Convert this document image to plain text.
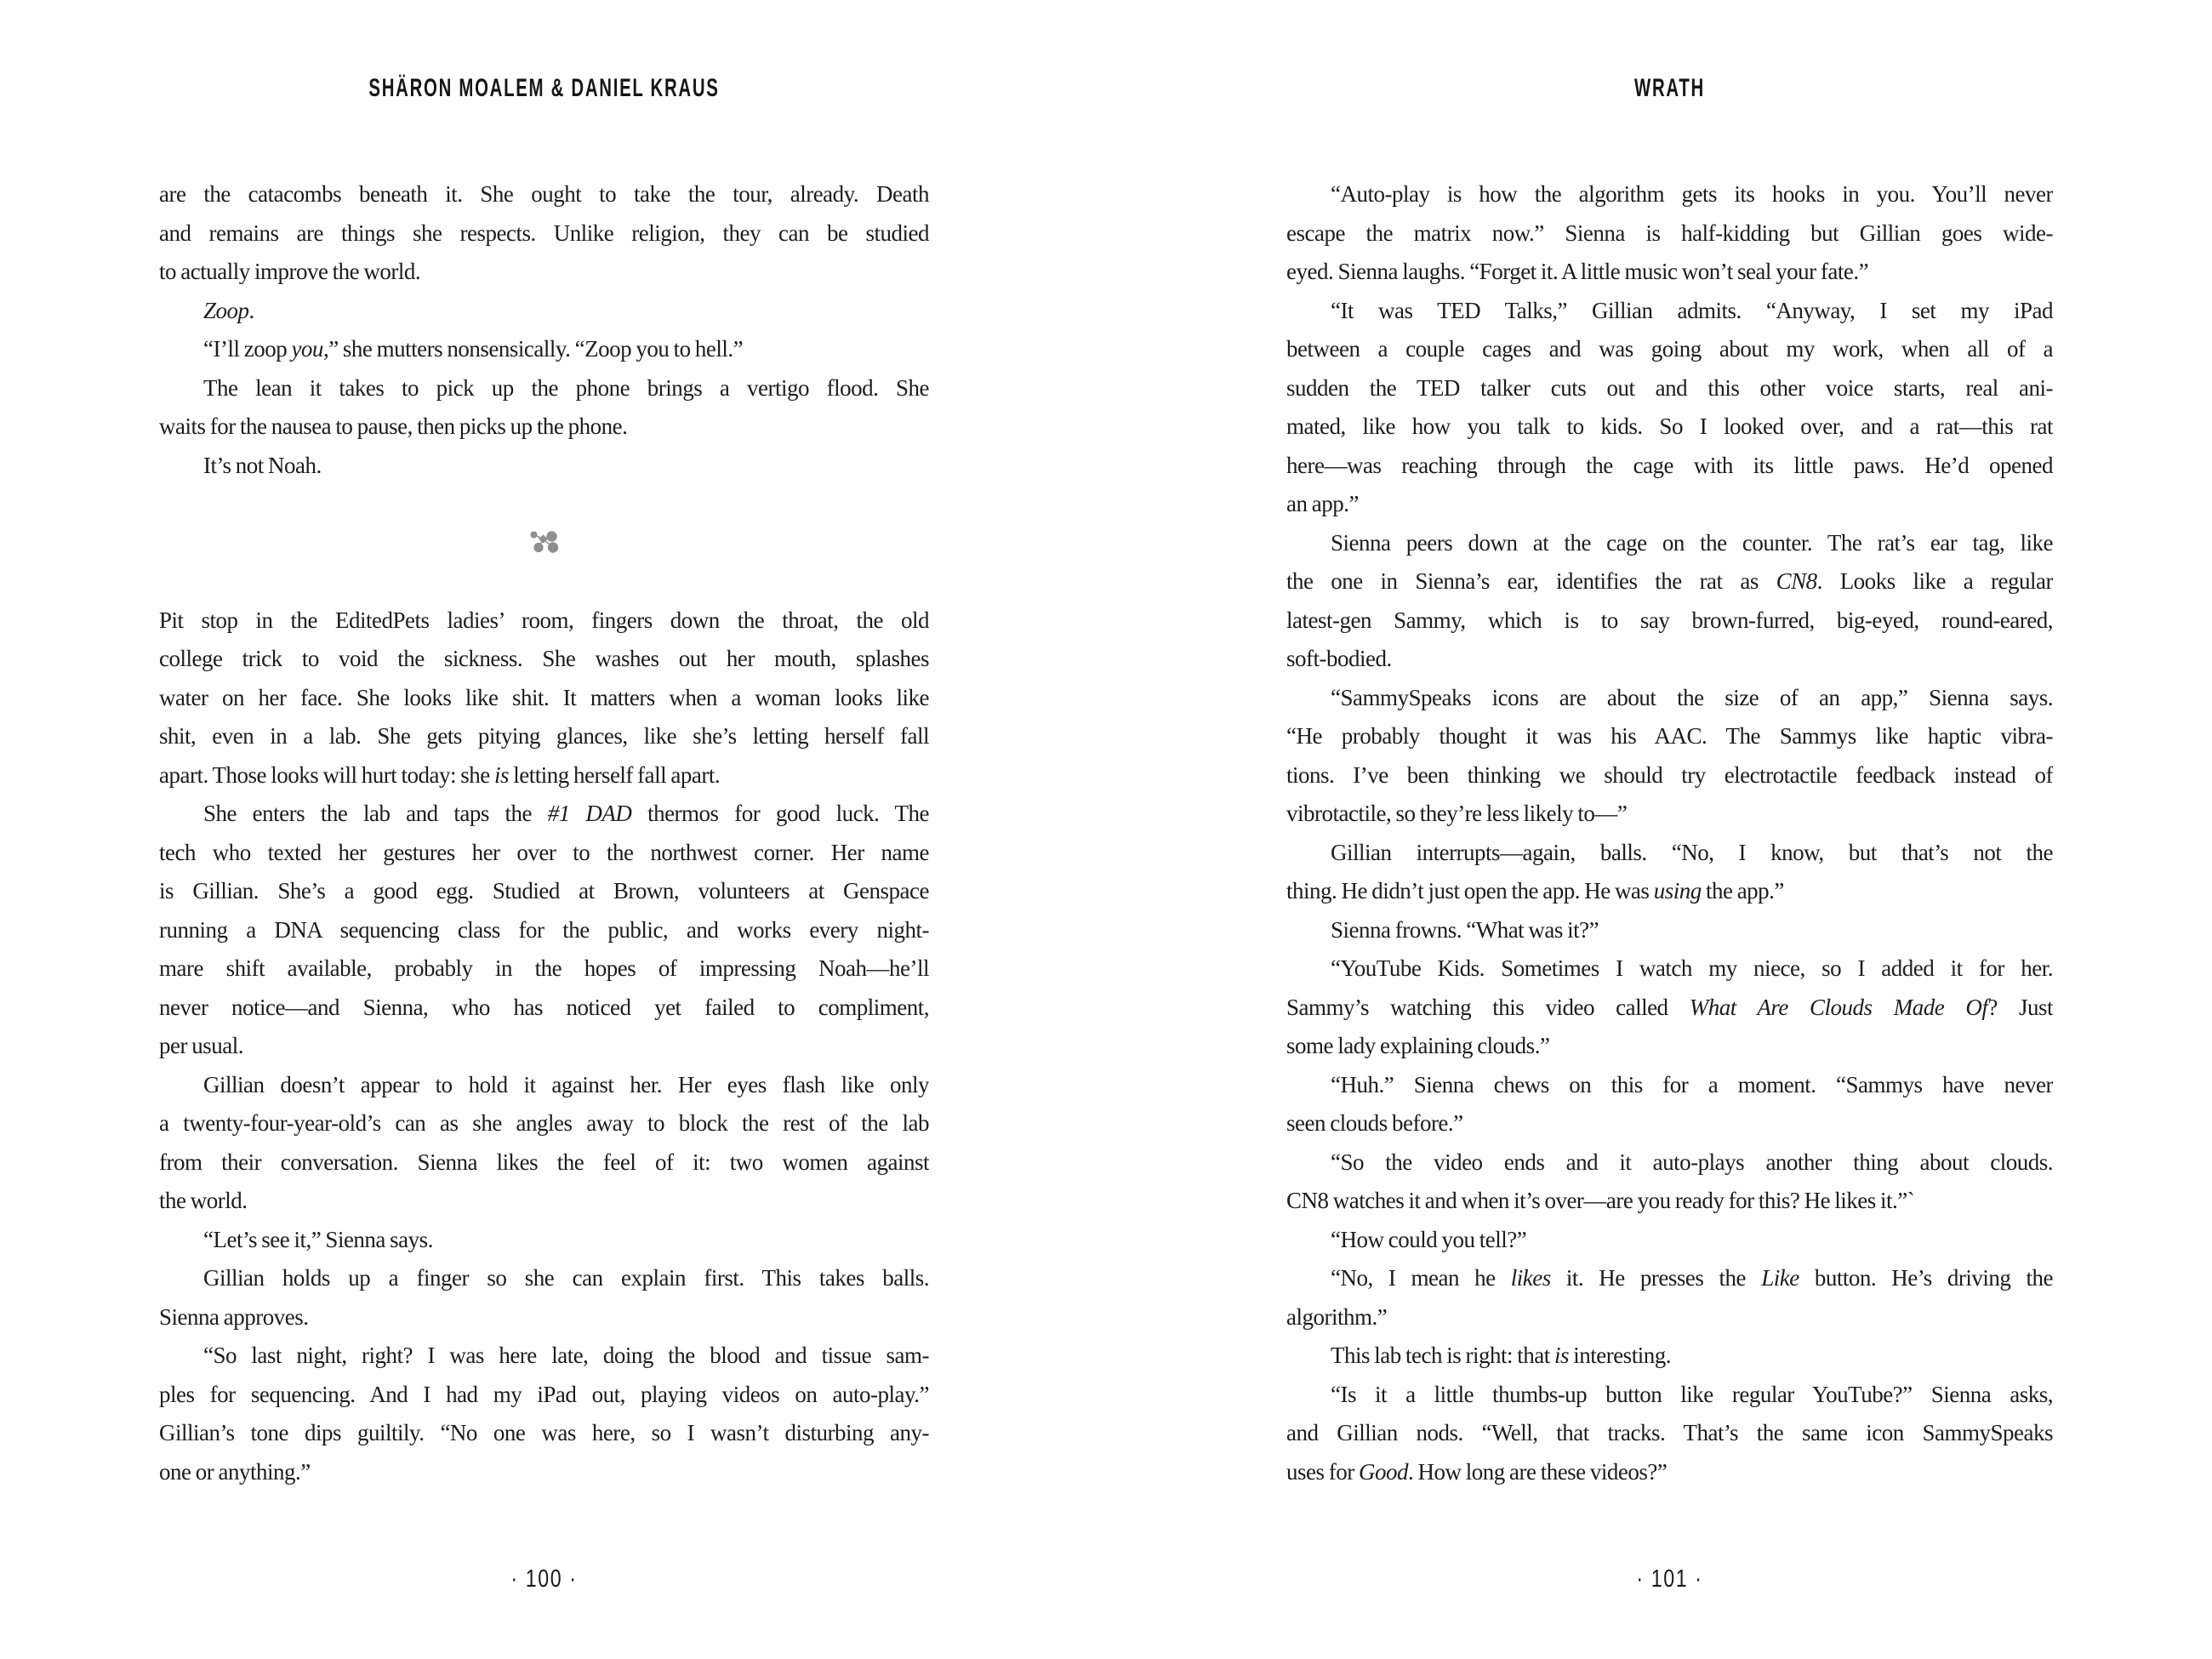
SHÄRON MOALEM & DANIEL KRAUS
are the catacombs beneath it. She ought to take the tour, already. Death
and remains are things she respects. Unlike religion, they can be studied
to actually improve the world.
Zoop.
“I’ll zoop you,” she mutters nonsensically. “Zoop you to hell.”
The lean it takes to pick up the phone brings a vertigo flood. She
waits for the nausea to pause, then picks up the phone.
It’s not Noah.
Pit stop in the EditedPets ladies’ room, fingers down the throat, the old
college trick to void the sickness. She washes out her mouth, splashes
water on her face. She looks like shit. It matters when a woman looks like
shit, even in a lab. She gets pitying glances, like she’s letting herself fall
apart. Those looks will hurt today: she is letting herself fall apart.
She enters the lab and taps the #1 DAD thermos for good luck. The
tech who texted her gestures her over to the northwest corner. Her name
is Gillian. She’s a good egg. Studied at Brown, volunteers at Genspace
running a DNA sequencing class for the public, and works every night-
mare shift available, probably in the hopes of impressing Noah—he’ll
never notice—and Sienna, who has noticed yet failed to compliment,
per usual.
Gillian doesn’t appear to hold it against her. Her eyes flash like only
a twenty-four-year-old’s can as she angles away to block the rest of the lab
from their conversation. Sienna likes the feel of it: two women against
the world.
“Let’s see it,” Sienna says.
Gillian holds up a finger so she can explain first. This takes balls.
Sienna approves.
“So last night, right? I was here late, doing the blood and tissue sam-
ples for sequencing. And I had my iPad out, playing videos on auto-play.”
Gillian’s tone dips guiltily. “No one was here, so I wasn’t disturbing any-
one or anything.”
· 100 ·
WRATH
“Auto-play is how the algorithm gets its hooks in you. You’ll never
escape the matrix now.” Sienna is half-kidding but Gillian goes wide-
eyed. Sienna laughs. “Forget it. A little music won’t seal your fate.”
“It was TED Talks,” Gillian admits. “Anyway, I set my iPad
between a couple cages and was going about my work, when all of a
sudden the TED talker cuts out and this other voice starts, real ani-
mated, like how you talk to kids. So I looked over, and a rat—this rat
here—was reaching through the cage with its little paws. He’d opened
an app.”
Sienna peers down at the cage on the counter. The rat’s ear tag, like
the one in Sienna’s ear, identifies the rat as CN8. Looks like a regular
latest-gen Sammy, which is to say brown-furred, big-eyed, round-eared,
soft-bodied.
“SammySpeaks icons are about the size of an app,” Sienna says.
“He probably thought it was his AAC. The Sammys like haptic vibra-
tions. I’ve been thinking we should try electrotactile feedback instead of
vibrotactile, so they’re less likely to—”
Gillian interrupts—again, balls. “No, I know, but that’s not the
thing. He didn’t just open the app. He was using the app.”
Sienna frowns. “What was it?”
“YouTube Kids. Sometimes I watch my niece, so I added it for her.
Sammy’s watching this video called What Are Clouds Made Of? Just
some lady explaining clouds.”
“Huh.” Sienna chews on this for a moment. “Sammys have never
seen clouds before.”
“So the video ends and it auto-plays another thing about clouds.
CN8 watches it and when it’s over—are you ready for this? He likes it.”`
“How could you tell?”
“No, I mean he likes it. He presses the Like button. He’s driving the
algorithm.”
This lab tech is right: that is interesting.
“Is it a little thumbs-up button like regular YouTube?” Sienna asks,
and Gillian nods. “Well, that tracks. That’s the same icon SammySpeaks
uses for Good. How long are these videos?”
· 101 ·
